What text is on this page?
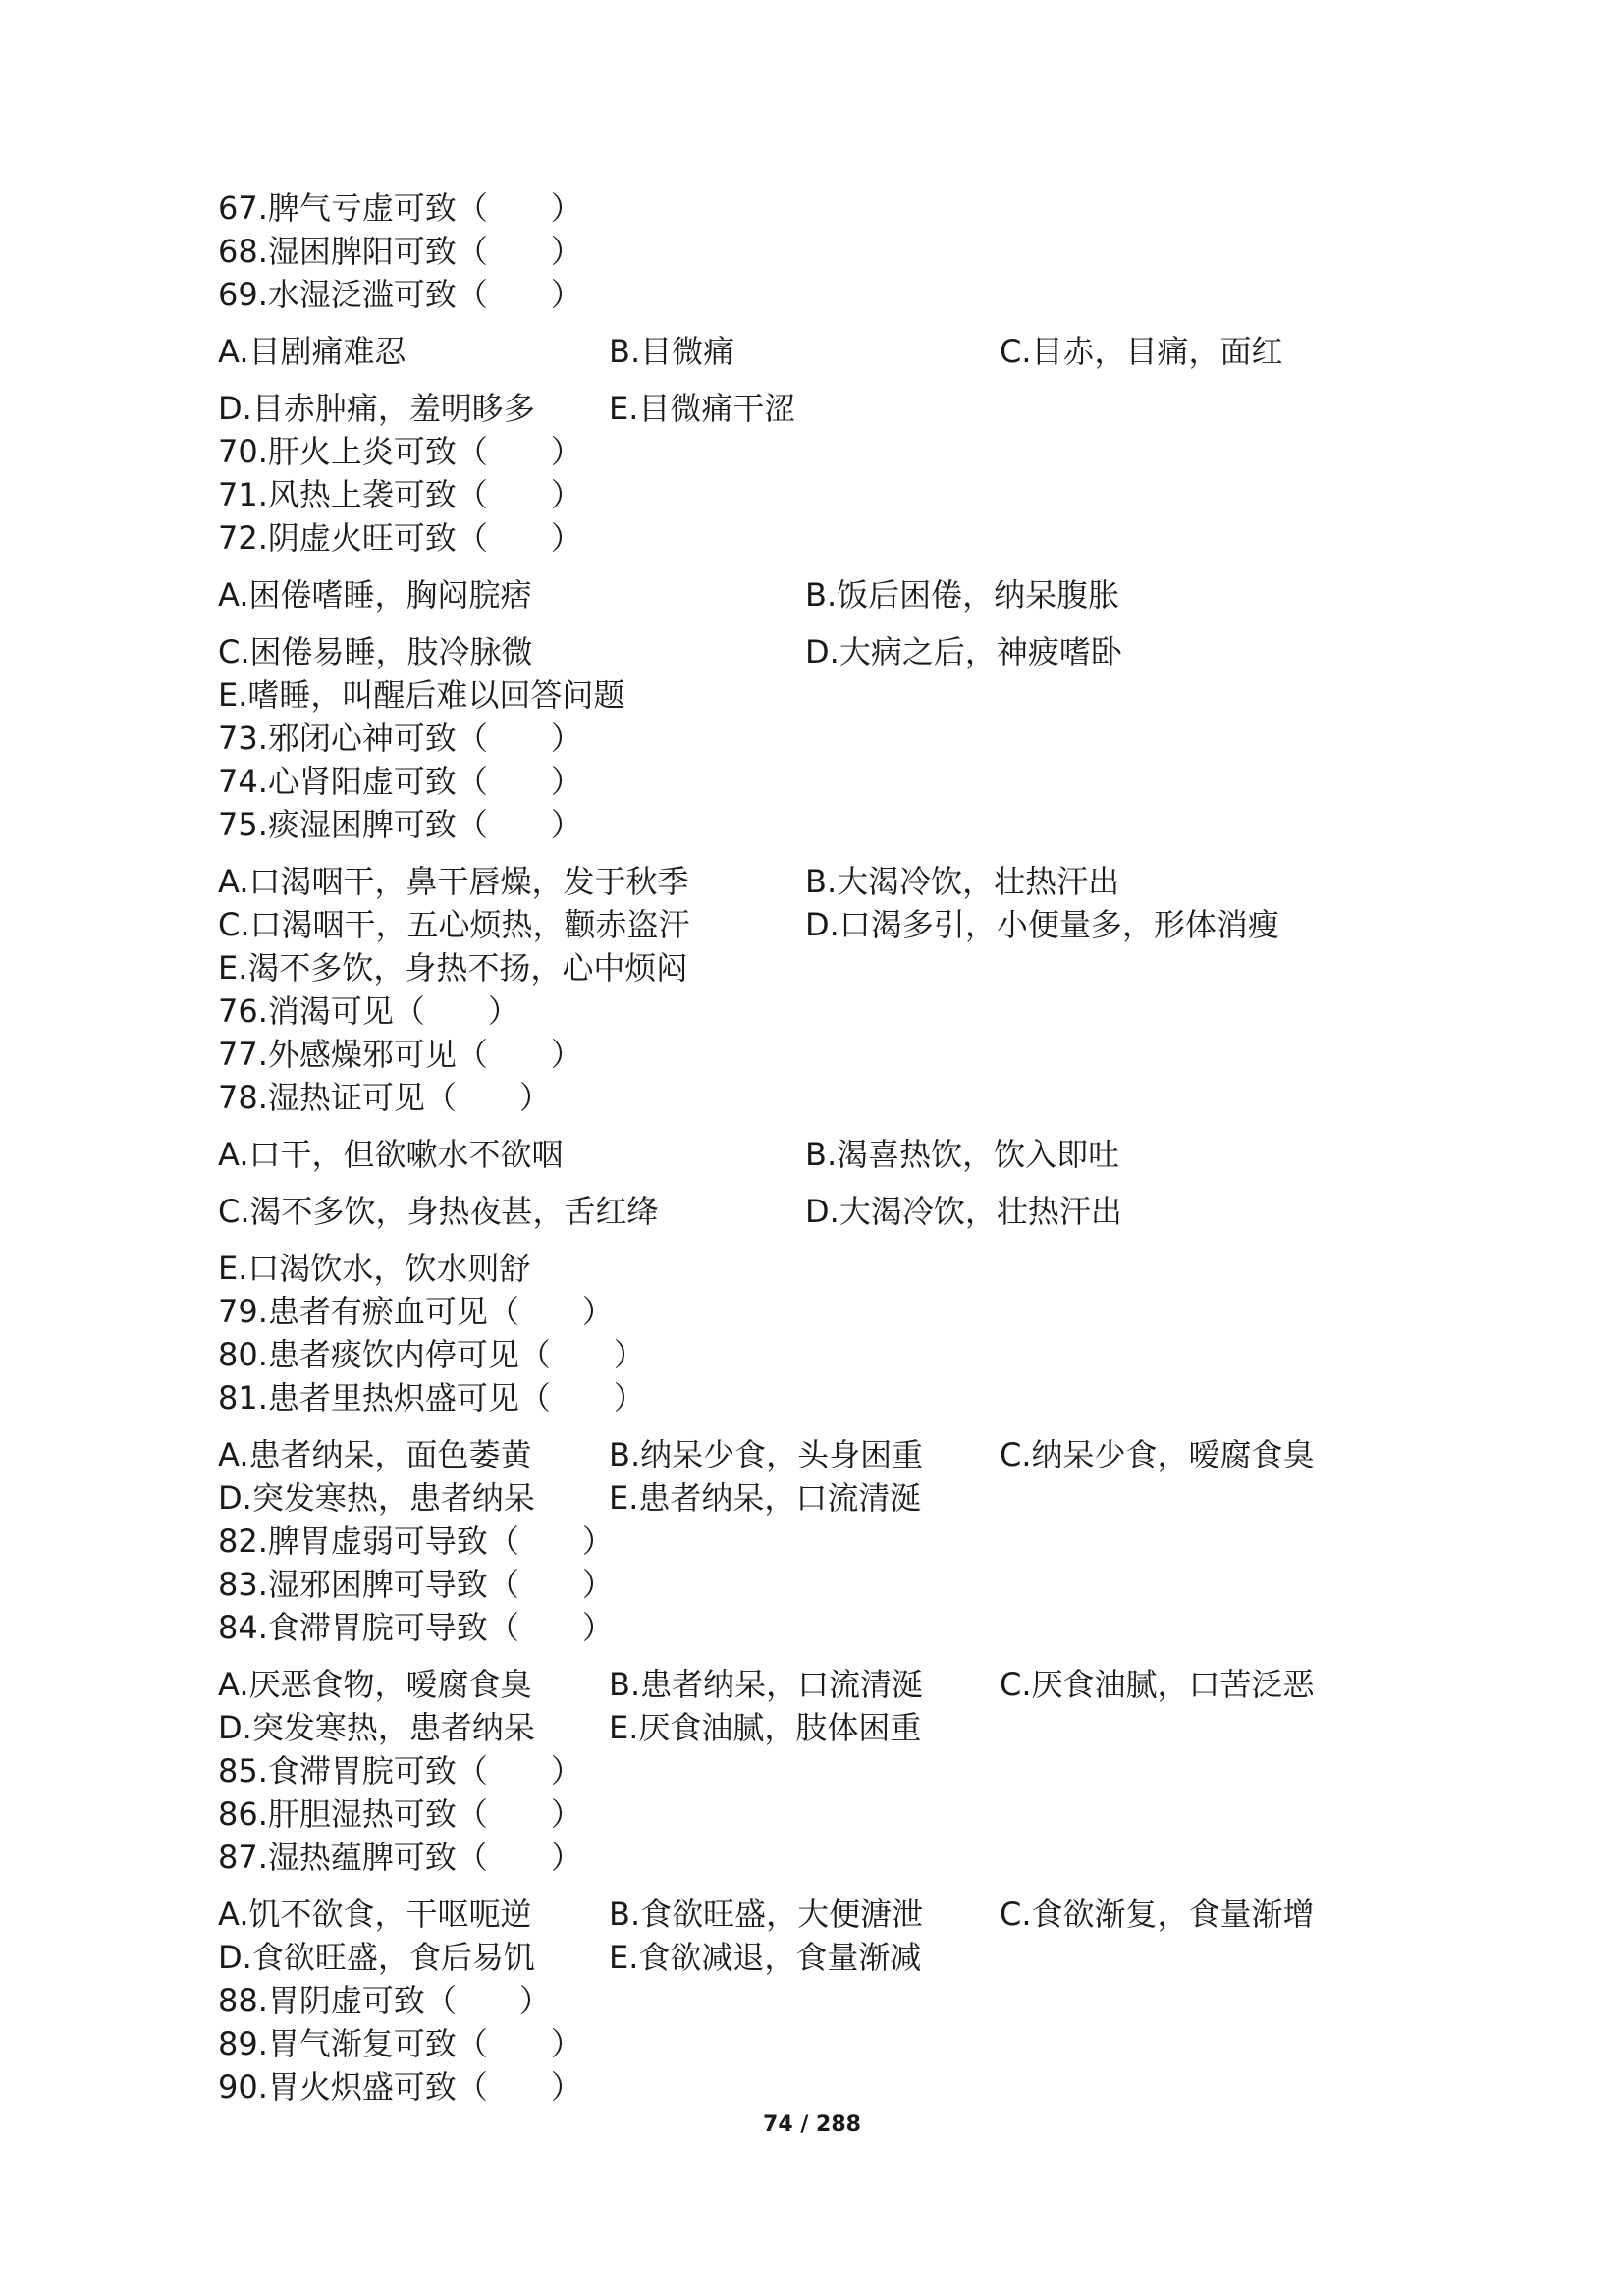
67.脾气亏虚可致（　　）
68.湿困脾阳可致（　　）
69.水湿泛滥可致（　　）
A.目剧痛难忍	B.目微痛	C.目赤，目痛，面红
D.目赤肿痛，羞明眵多	E.目微痛干涩
70.肝火上炎可致（　　）
71.风热上袭可致（　　）
72.阴虚火旺可致（　　）
A.困倦嗜睡，胸闷脘痞	B.饭后困倦，纳呆腹胀
C.困倦易睡，肢冷脉微	D.大病之后，神疲嗜卧
E.嗜睡，叫醒后难以回答问题
73.邪闭心神可致（　　）
74.心肾阳虚可致（　　）
75.痰湿困脾可致（　　）
A.口渴咽干，鼻干唇燥，发于秋季	B.大渴冷饮，壮热汗出
C.口渴咽干，五心烦热，颧赤盗汗	D.口渴多引，小便量多，形体消瘦
E.渴不多饮，身热不扬，心中烦闷
76.消渴可见（　　）
77.外感燥邪可见（　　）
78.湿热证可见（　　）
A.口干，但欲嗽水不欲咽	B.渴喜热饮，饮入即吐
C.渴不多饮，身热夜甚，舌红绛	D.大渴冷饮，壮热汗出
E.口渴饮水，饮水则舒
79.患者有瘀血可见（　　）
80.患者痰饮内停可见（　　）
81.患者里热炽盛可见（　　）
A.患者纳呆，面色萎黄	B.纳呆少食，头身困重	C.纳呆少食，嗳腐食臭
D.突发寒热，患者纳呆	E.患者纳呆，口流清涎
82.脾胃虚弱可导致（　　）
83.湿邪困脾可导致（　　）
84.食滞胃脘可导致（　　）
A.厌恶食物，嗳腐食臭	B.患者纳呆，口流清涎	C.厌食油腻，口苦泛恶
D.突发寒热，患者纳呆	E.厌食油腻，肢体困重
85.食滞胃脘可致（　　）
86.肝胆湿热可致（　　）
87.湿热蕴脾可致（　　）
A.饥不欲食，干呕呃逆	B.食欲旺盛，大便溏泄	C.食欲渐复，食量渐增
D.食欲旺盛，食后易饥	E.食欲减退，食量渐减
88.胃阴虚可致（　　）
89.胃气渐复可致（　　）
90.胃火炽盛可致（　　）
74 / 288
